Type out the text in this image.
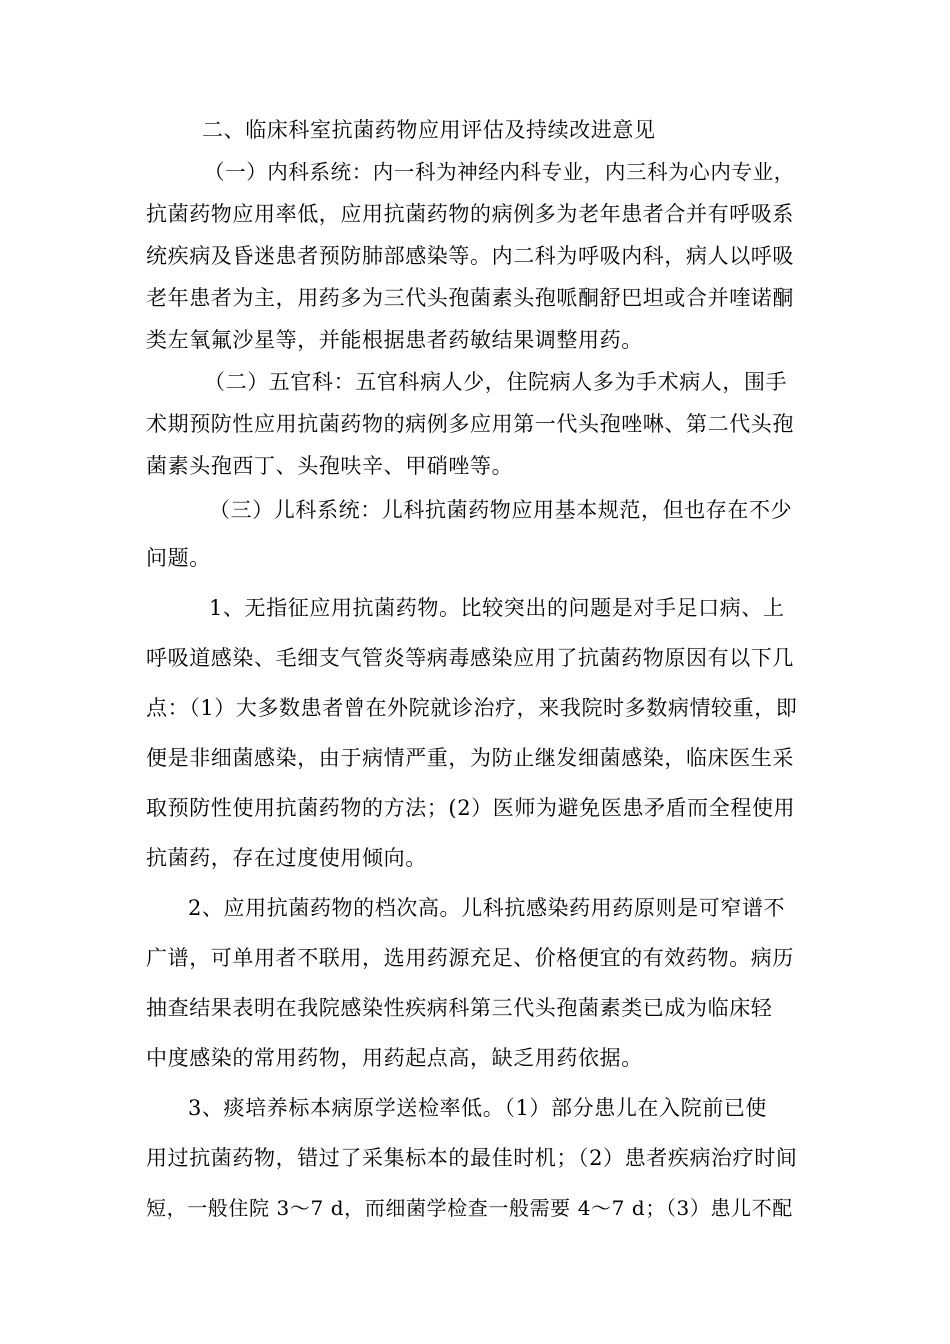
二、临床科室抗菌药物应用评估及持续改进意见
（一）内科系统：内一科为神经内科专业，内三科为心内专业，
抗菌药物应用率低，应用抗菌药物的病例多为老年患者合并有呼吸系
统疾病及昏迷患者预防肺部感染等。内二科为呼吸内科，病人以呼吸
老年患者为主，用药多为三代头孢菌素头孢哌酮舒巴坦或合并喹诺酮
类左氧氟沙星等，并能根据患者药敏结果调整用药。
（二）五官科：五官科病人少，住院病人多为手术病人，围手
术期预防性应用抗菌药物的病例多应用第一代头孢唑啉、第二代头孢
菌素头孢西丁、头孢呋辛、甲硝唑等。
（三）儿科系统：儿科抗菌药物应用基本规范，但也存在不少
问题。
1、无指征应用抗菌药物。比较突出的问题是对手足口病、上
呼吸道感染、毛细支气管炎等病毒感染应用了抗菌药物原因有以下几
点：（1）大多数患者曾在外院就诊治疗，来我院时多数病情较重，即
便是非细菌感染，由于病情严重，为防止继发细菌感染，临床医生采
取预防性使用抗菌药物的方法；(2）医师为避免医患矛盾而全程使用
抗菌药，存在过度使用倾向。
2、应用抗菌药物的档次高。儿科抗感染药用药原则是可窄谱不
广谱，可单用者不联用，选用药源充足、价格便宜的有效药物。病历
抽查结果表明在我院感染性疾病科第三代头孢菌素类已成为临床轻
中度感染的常用药物，用药起点高，缺乏用药依据。
3、痰培养标本病原学送检率低。（1）部分患儿在入院前已使
用过抗菌药物，错过了采集标本的最佳时机；（2）患者疾病治疗时间
短，一般住院 3～7 d，而细菌学检查一般需要 4～7 d；（3）患儿不配
